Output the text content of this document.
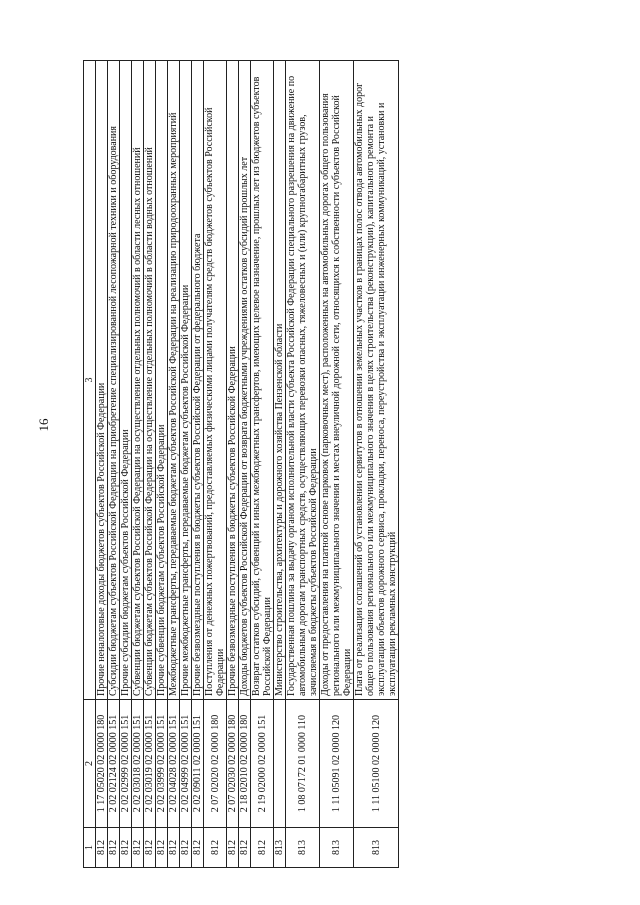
16
1	2	3
812	1 17 05020 02 0000 180	Прочие неналоговые доходы бюджетов субъектов Российской Федерации
812	2 02 02124 02 0000 151	Субсидии бюджетам субъектов Российской Федерации на приобретение специализированной лесопожарной техники и оборудования
812	2 02 02999 02 0000 151	Прочие субсидии бюджетам субъектов Российской Федерации
812	2 02 03018 02 0000 151	Субвенции бюджетам субъектов Российской Федерации на осуществление отдельных полномочий в области лесных отношений
812	2 02 03019 02 0000 151	Субвенции бюджетам субъектов Российской Федерации на осуществление отдельных полномочий в области водных отношений
812	2 02 03999 02 0000 151	Прочие субвенции бюджетам субъектов Российской Федерации
812	2 02 04028 02 0000 151	Межбюджетные трансферты, передаваемые бюджетам субъектов Российской Федерации на реализацию природоохранных мероприятий
812	2 02 04999 02 0000 151	Прочие межбюджетные трансферты, передаваемые бюджетам субъектов Российской Федерации
812	2 02 09011 02 0000 151	Прочие безвозмездные поступления в бюджеты субъектов Российской Федерации от федерального бюджета
812	2 07 02020 02 0000 180	Поступления от денежных пожертвований, предоставляемых физическими лицами получателям средств бюджетов субъектов Российской Федерации
812	2 07 02030 02 0000 180	Прочие безвозмездные поступления в бюджеты субъектов Российской Федерации
812	2 18 02010 02 0000 180	Доходы бюджетов субъектов Российской Федерации от возврата бюджетными учреждениями остатков субсидий прошлых лет
812	2 19 02000 02 0000 151	Возврат остатков субсидий, субвенций и иных межбюджетных трансфертов, имеющих целевое назначение, прошлых лет из бюджетов субъектов Российской Федерации
813		Министерство строительства, архитектуры и дорожного хозяйства Пензенской области
813	1 08 07172 01 0000 110	Государственная пошлина за выдачу органом исполнительной власти субъекта Российской Федерации специального разрешения на движение по автомобильным дорогам транспортных средств, осуществляющих перевозки опасных, тяжеловесных и (или) крупногабаритных грузов, зачисляемая в бюджеты субъектов Российской Федерации
813	1 11 05091 02 0000 120	Доходы от предоставления на платной основе парковок (парковочных мест), расположенных на автомобильных дорогах общего пользования регионального или межмуниципального значения и местах внеуличной дорожной сети, относящихся к собственности субъектов Российской Федерации
813	1 11 05100 02 0000 120	Плата от реализации соглашений об установлении сервитутов в отношении земельных участков в границах полос отвода автомобильных дорог общего пользования регионального или межмуниципального значения в целях строительства (реконструкции), капитального ремонта и эксплуатации объектов дорожного сервиса, прокладки, переноса, переустройства и эксплуатации инженерных коммуникаций, установки и эксплуатации рекламных конструкций
